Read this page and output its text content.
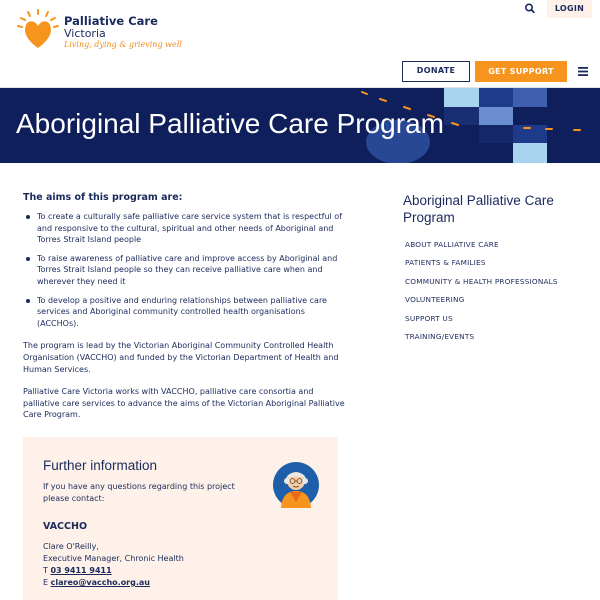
Palliative Care
Victoria
Living, dying & grieving well
LOGIN
DONATE	GET SUPPORT
Aboriginal Palliative Care Program
The aims of this program are:
To create a culturally safe palliative care service system that is respectful of and responsive to the cultural, spiritual and other needs of Aboriginal and Torres Strait Island people
To raise awareness of palliative care and improve access by Aboriginal and Torres Strait Island people so they can receive palliative care when and wherever they need it
To develop a positive and enduring relationships between palliative care services and Aboriginal community controlled health organisations (ACCHOs).

The program is lead by the Victorian Aboriginal Community Controlled Health Organisation (VACCHO) and funded by the Victorian Department of Health and Human Services.

Palliative Care Victoria works with VACCHO, palliative care consortia and palliative care services to advance the aims of the Victorian Aboriginal Palliative Care Program.

Aboriginal Palliative Care Program
ABOUT PALLIATIVE CARE
PATIENTS & FAMILIES
COMMUNITY & HEALTH PROFESSIONALS
VOLUNTEERING
SUPPORT US
TRAINING/EVENTS
Further information
If you have any questions regarding this project please contact:
VACCHO
Clare O'Reilly,
Executive Manager, Chronic Health
T 03 9411 9411
E clareo@vaccho.org.au
